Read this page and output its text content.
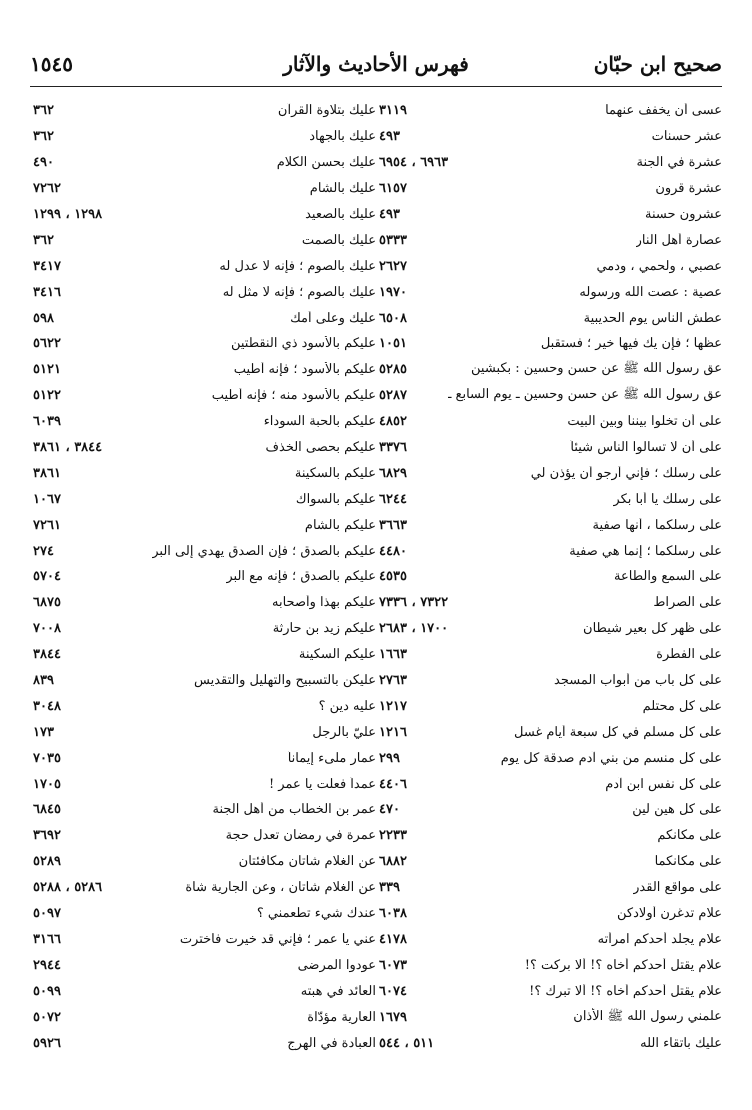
صحيح ابن حبّان
فهرس الأحاديث والآثار
١٥٤٥
عسى أن يخفف عنهما
٣١١٩
عشر حسنات
٤٩٣
عشرة في الجنة
٦٩٦٣ ، ٦٩٥٤
عشرة قرون
٦١٥٧
عشرون حسنة
٤٩٣
عصارة أهل النار
٥٣٣٣
عصبي ، ولحمي ، ودمي
٢٦٢٧
عصية : عصت الله ورسوله
١٩٧٠
عطش الناس يوم الحديبية
٦٥٠٨
عظها ؛ فإن يك فيها خير ؛ فستقبل
١٠٥١
عق رسول الله ﷺ عن حسن وحسين : بكبشين
٥٢٨٥
عق رسول الله ﷺ عن حسن وحسين ـ يوم السابع ـ
٥٢٨٧
على أن تخلوا بيننا وبين البيت
٤٨٥٢
على أن لا تسألوا الناس شيئاً
٣٣٧٦
على رسلك ؛ فإني أرجو أن يؤذن لي
٦٨٢٩
على رسلك يا أبا بكر
٦٢٤٤
على رسلكما ، أنها صفية
٣٦٦٣
على رسلكما ؛ إنما هي صفية
٤٤٨٠
على السمع والطاعة
٤٥٣٥
على الصراط
٧٣٢٢ ، ٧٣٣٦
على ظهر كل بعير شيطان
١٧٠٠ ، ٢٦٨٣
على الفطرة
١٦٦٣
على كل باب من أبواب المسجد
٢٧٦٣
على كل محتلم
١٢١٧
على كل مسلم في كل سبعة أيام غسل
١٢١٦
على كل منسم من بني آدم صدقة كل يوم
٢٩٩
على كل نفس ابن آدم
٤٤٠٦
على كل هين لين
٤٧٠
على مكانكم
٢٢٣٣
على مكانكما
٦٨٨٢
على مواقع القدر
٣٣٩
علام تدغرن أولادكن
٦٠٣٨
علام يجلد أحدكم امرأته
٤١٧٨
علام يقتل أحدكم أخاه ؟! ألا بركت ؟!
٦٠٧٣
علام يقتل أحدكم أخاه ؟! ألا تبرك ؟!
٦٠٧٤
علمني رسول الله ﷺ الأذان
١٦٧٩
عليك باتقاء الله
٥١١ ، ٥٤٤
عليك بتلاوة القرآن
٣٦٢
عليك بالجهاد
٣٦٢
عليك بحسن الكلام
٤٩٠
عليك بالشام
٧٢٦٢
عليك بالصعيد
١٢٩٨ ، ١٢٩٩
عليك بالصمت
٣٦٢
عليك بالصوم ؛ فإنه لا عدل له
٣٤١٧
عليك بالصوم ؛ فإنه لا مثل له
٣٤١٦
عليك وعلى أمك
٥٩٨
عليكم بالأسود ذي النقطتين
٥٦٢٢
عليكم بالأسود ؛ فإنه أطيب
٥١٢١
عليكم بالأسود منه ؛ فإنه أطيب
٥١٢٢
عليكم بالحبة السوداء
٦٠٣٩
عليكم بحصى الخذف
٣٨٤٤ ، ٣٨٦١
عليكم بالسكينة
٣٨٦١
عليكم بالسواك
١٠٦٧
عليكم بالشام
٧٢٦١
عليكم بالصدق ؛ فإن الصدق يهدي إلى البر
٢٧٤
عليكم بالصدق ؛ فإنه مع البر
٥٧٠٤
عليكم بهذا وأصحابه
٦٨٧٥
عليكم زيد بن حارثة
٧٠٠٨
عليكم السكينة
٣٨٤٤
عليكن بالتسبيح والتهليل والتقديس
٨٣٩
عليه دين ؟
٣٠٤٨
عليّ بالرجل
١٧٣
عمار ملىء إيماناً
٧٠٣٥
عمداً فعلت يا عمر !
١٧٠٥
عمر بن الخطاب من أهل الجنة
٦٨٤٥
عمرة في رمضان تعدل حجة
٣٦٩٢
عن الغلام شاتان مكافئتان
٥٢٨٩
عن الغلام شاتان ، وعن الجارية شاة
٥٢٨٦ ، ٥٢٨٨
عندك شيء تطعمني ؟
٥٠٩٧
عني يا عمر ؛ فإني قد خيرت فاخترت
٣١٦٦
عودوا المرضى
٢٩٤٤
العائد في هبته
٥٠٩٩
العارية مؤدّاة
٥٠٧٢
العبادة في الهرج
٥٩٢٦
